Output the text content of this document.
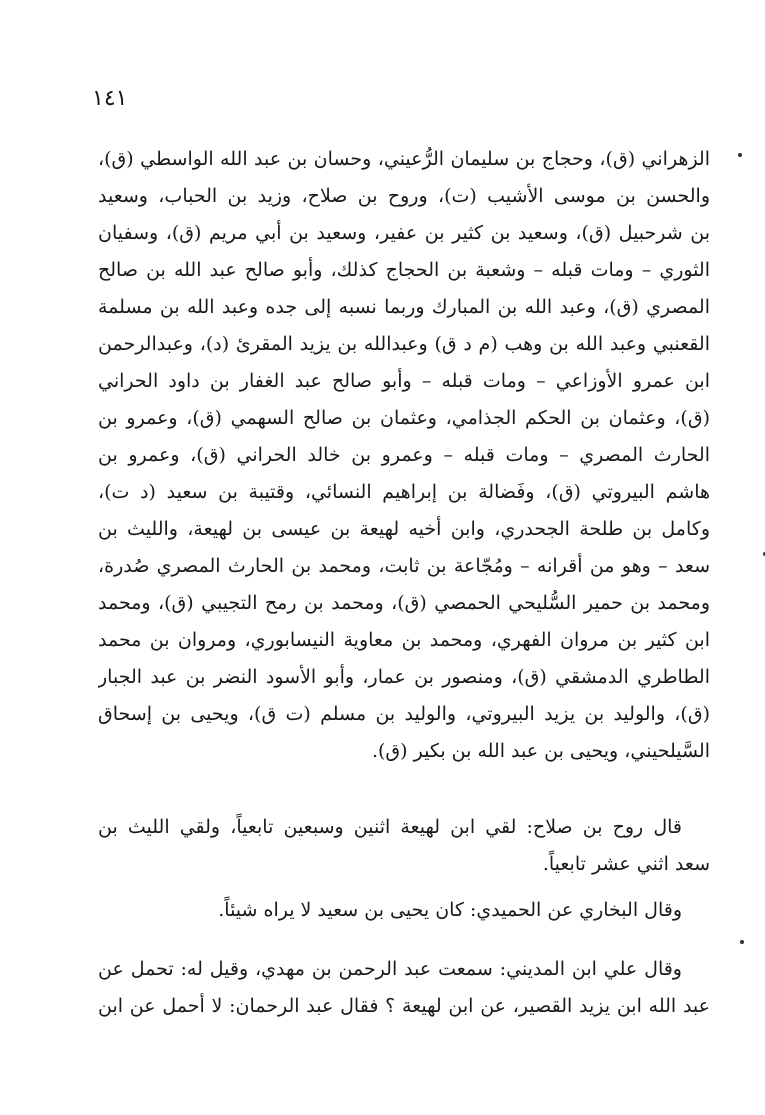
١٤١
الزهراني (ق)، وحجاج بن سليمان الرُّعيني، وحسان بن عبد الله الواسطي (ق)،
والحسن بن موسى الأشيب (ت)، وروح بن صلاح، وزيد بن الحباب، وسعيد
بن شرحبيل (ق)، وسعيد بن كثير بن عفير، وسعيد بن أبي مريم (ق)، وسفيان
الثوري – ومات قبله – وشعبة بن الحجاج كذلك، وأبو صالح عبد الله بن صالح
المصري (ق)، وعبد الله بن المبارك وربما نسبه إلى جده وعبد الله بن مسلمة
القعنبي وعبد الله بن وهب (م د ق) وعبدالله بن يزيد المقرئ (د)، وعبدالرحمن
ابن عمرو الأوزاعي – ومات قبله – وأبو صالح عبد الغفار بن داود الحراني
(ق)، وعثمان بن الحكم الجذامي، وعثمان بن صالح السهمي (ق)، وعمرو بن
الحارث المصري – ومات قبله – وعمرو بن خالد الحراني (ق)، وعمرو بن
هاشم البيروتي (ق)، وفَضالة بن إبراهيم النسائي، وقتيبة بن سعيد (د ت)،
وكامل بن طلحة الجحدري، وابن أخيه لهيعة بن عيسى بن لهيعة، والليث بن
سعد – وهو من أقرانه – ومُجّاعة بن ثابت، ومحمد بن الحارث المصري صُدرة،
ومحمد بن حمير السُّليحي الحمصي (ق)، ومحمد بن رمح التجيبي (ق)، ومحمد
ابن كثير بن مروان الفهري، ومحمد بن معاوية النيسابوري، ومروان بن محمد
الطاطري الدمشقي (ق)، ومنصور بن عمار، وأبو الأسود النضر بن عبد الجبار
(ق)، والوليد بن يزيد البيروتي، والوليد بن مسلم (ت ق)، ويحيى بن إسحاق
السَّيلحيني، ويحيى بن عبد الله بن بكير (ق).
قال روح بن صلاح: لقي ابن لهيعة اثنين وسبعين تابعياً، ولقي الليث بن
سعد اثني عشر تابعياً.
وقال البخاري عن الحميدي: كان يحيى بن سعيد لا يراه شيئاً.
وقال علي ابن المديني: سمعت عبد الرحمن بن مهدي، وقيل له: تحمل عن
عبد الله ابن يزيد القصير، عن ابن لهيعة ؟ فقال عبد الرحمان: لا أحمل عن ابن
